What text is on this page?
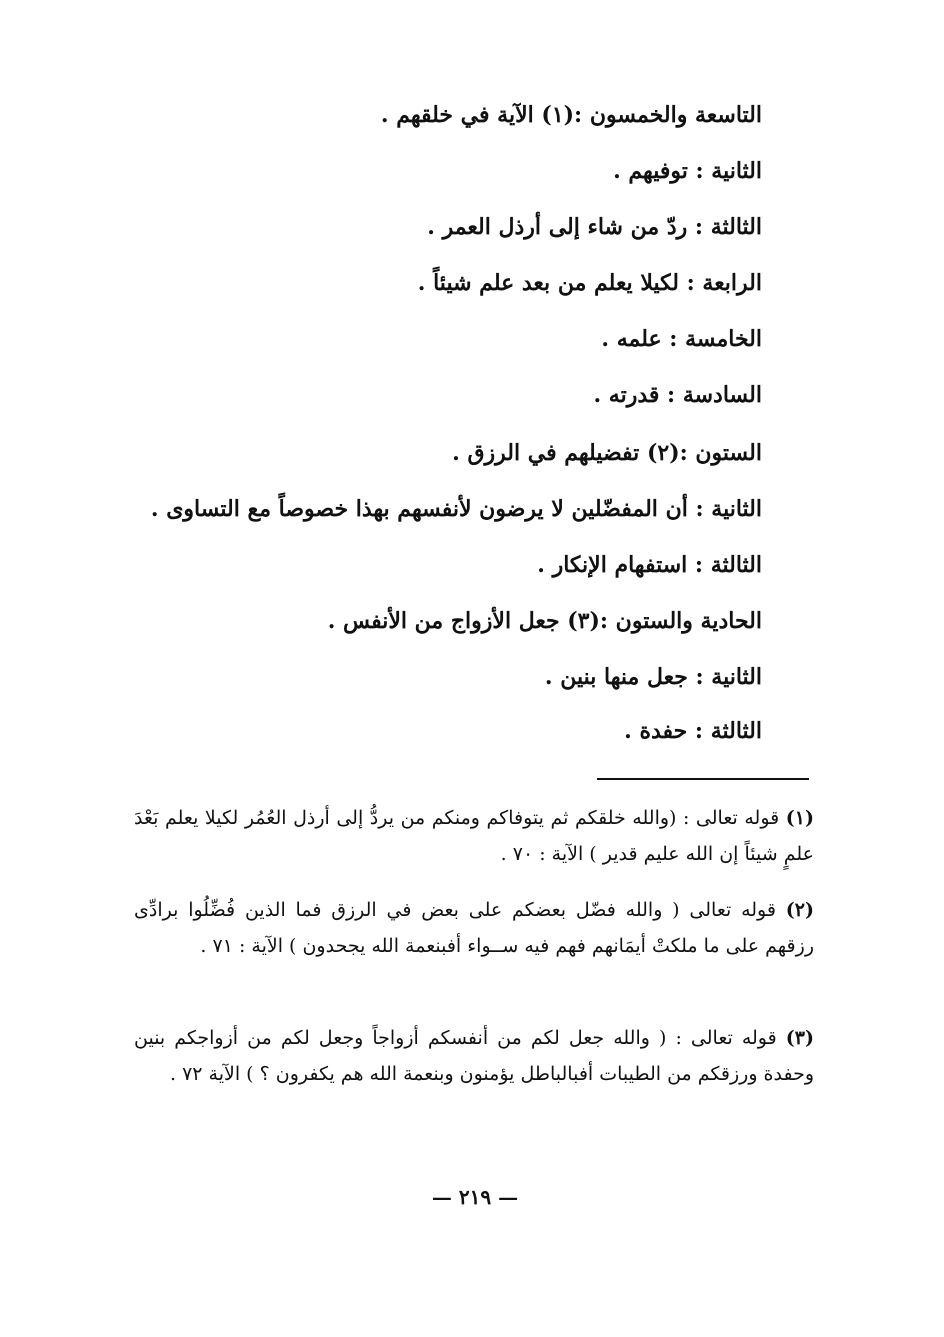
التاسعة والخمسون :(١) الآية في خلقهم .
الثانية : توفيهم .
الثالثة : ردّ من شاء إلى أرذل العمر .
الرابعة : لكيلا يعلم من بعد علم شيئاً .
الخامسة : علمه .
السادسة : قدرته .
الستون :(٢) تفضيلهم في الرزق .
الثانية : أن المفضّلين لا يرضون لأنفسهم بهذا خصوصاً مع التساوى .
الثالثة : استفهام الإنكار .
الحادية والستون :(٣) جعل الأزواج من الأنفس .
الثانية : جعل منها بنين .
الثالثة : حفدة .
(١) قوله تعالى : (والله خلقكم ثم يتوفاكم ومنكم من يردُّ إلى أرذل العُمُر لكيلا يعلم بَعْدَ علمٍ شيئاً إن الله عليم قدير ) الآية : ٧٠ .
(٢) قوله تعالى ( والله فضّل بعضكم على بعض في الرزق فما الذين فُضِّلُوا برادِّى رزقهم على ما ملكتْ أيمَانهم فهم فيه ســواء أفبنعمة الله يجحدون ) الآية : ٧١ .
(٣) قوله تعالى : ( والله جعل لكم من أنفسكم أزواجاً وجعل لكم من أزواجكم بنين وحفدة ورزقكم من الطيبات أفبالباطل يؤمنون وبنعمة الله هم يكفرون ؟ ) الآية ٧٢ .
— ٢١٩ —
